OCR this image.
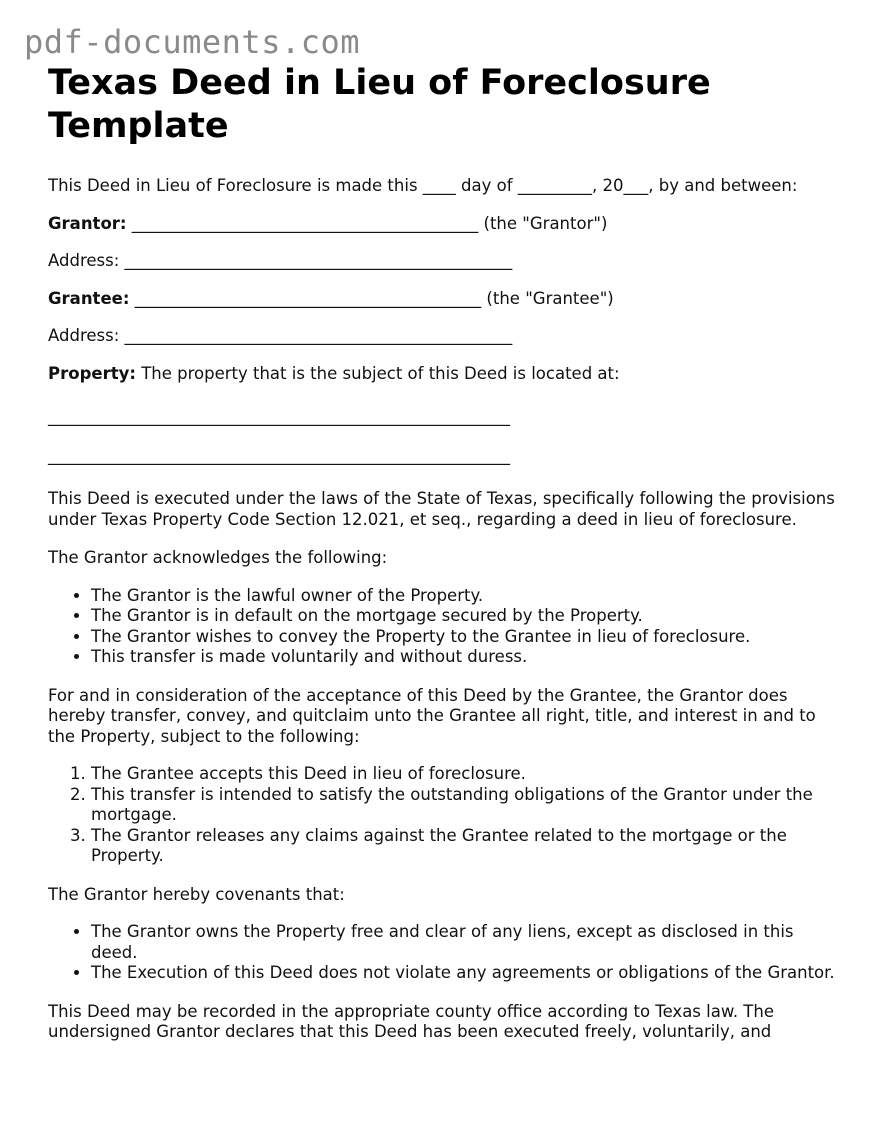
pdf-documents.com
Texas Deed in Lieu of Foreclosure Template

This Deed in Lieu of Foreclosure is made this ____ day of _________, 20___, by and between:

Grantor: __________________________________________ (the "Grantor")

Address: _______________________________________________

Grantee: __________________________________________ (the "Grantee")

Address: _______________________________________________

Property: The property that is the subject of this Deed is located at:

________________________________________________________

________________________________________________________

This Deed is executed under the laws of the State of Texas, specifically following the provisions under Texas Property Code Section 12.021, et seq., regarding a deed in lieu of foreclosure.

The Grantor acknowledges the following:

• The Grantor is the lawful owner of the Property.
• The Grantor is in default on the mortgage secured by the Property.
• The Grantor wishes to convey the Property to the Grantee in lieu of foreclosure.
• This transfer is made voluntarily and without duress.

For and in consideration of the acceptance of this Deed by the Grantee, the Grantor does hereby transfer, convey, and quitclaim unto the Grantee all right, title, and interest in and to the Property, subject to the following:

1. The Grantee accepts this Deed in lieu of foreclosure.
2. This transfer is intended to satisfy the outstanding obligations of the Grantor under the mortgage.
3. The Grantor releases any claims against the Grantee related to the mortgage or the Property.

The Grantor hereby covenants that:

• The Grantor owns the Property free and clear of any liens, except as disclosed in this deed.
• The Execution of this Deed does not violate any agreements or obligations of the Grantor.

This Deed may be recorded in the appropriate county office according to Texas law. The undersigned Grantor declares that this Deed has been executed freely, voluntarily, and
